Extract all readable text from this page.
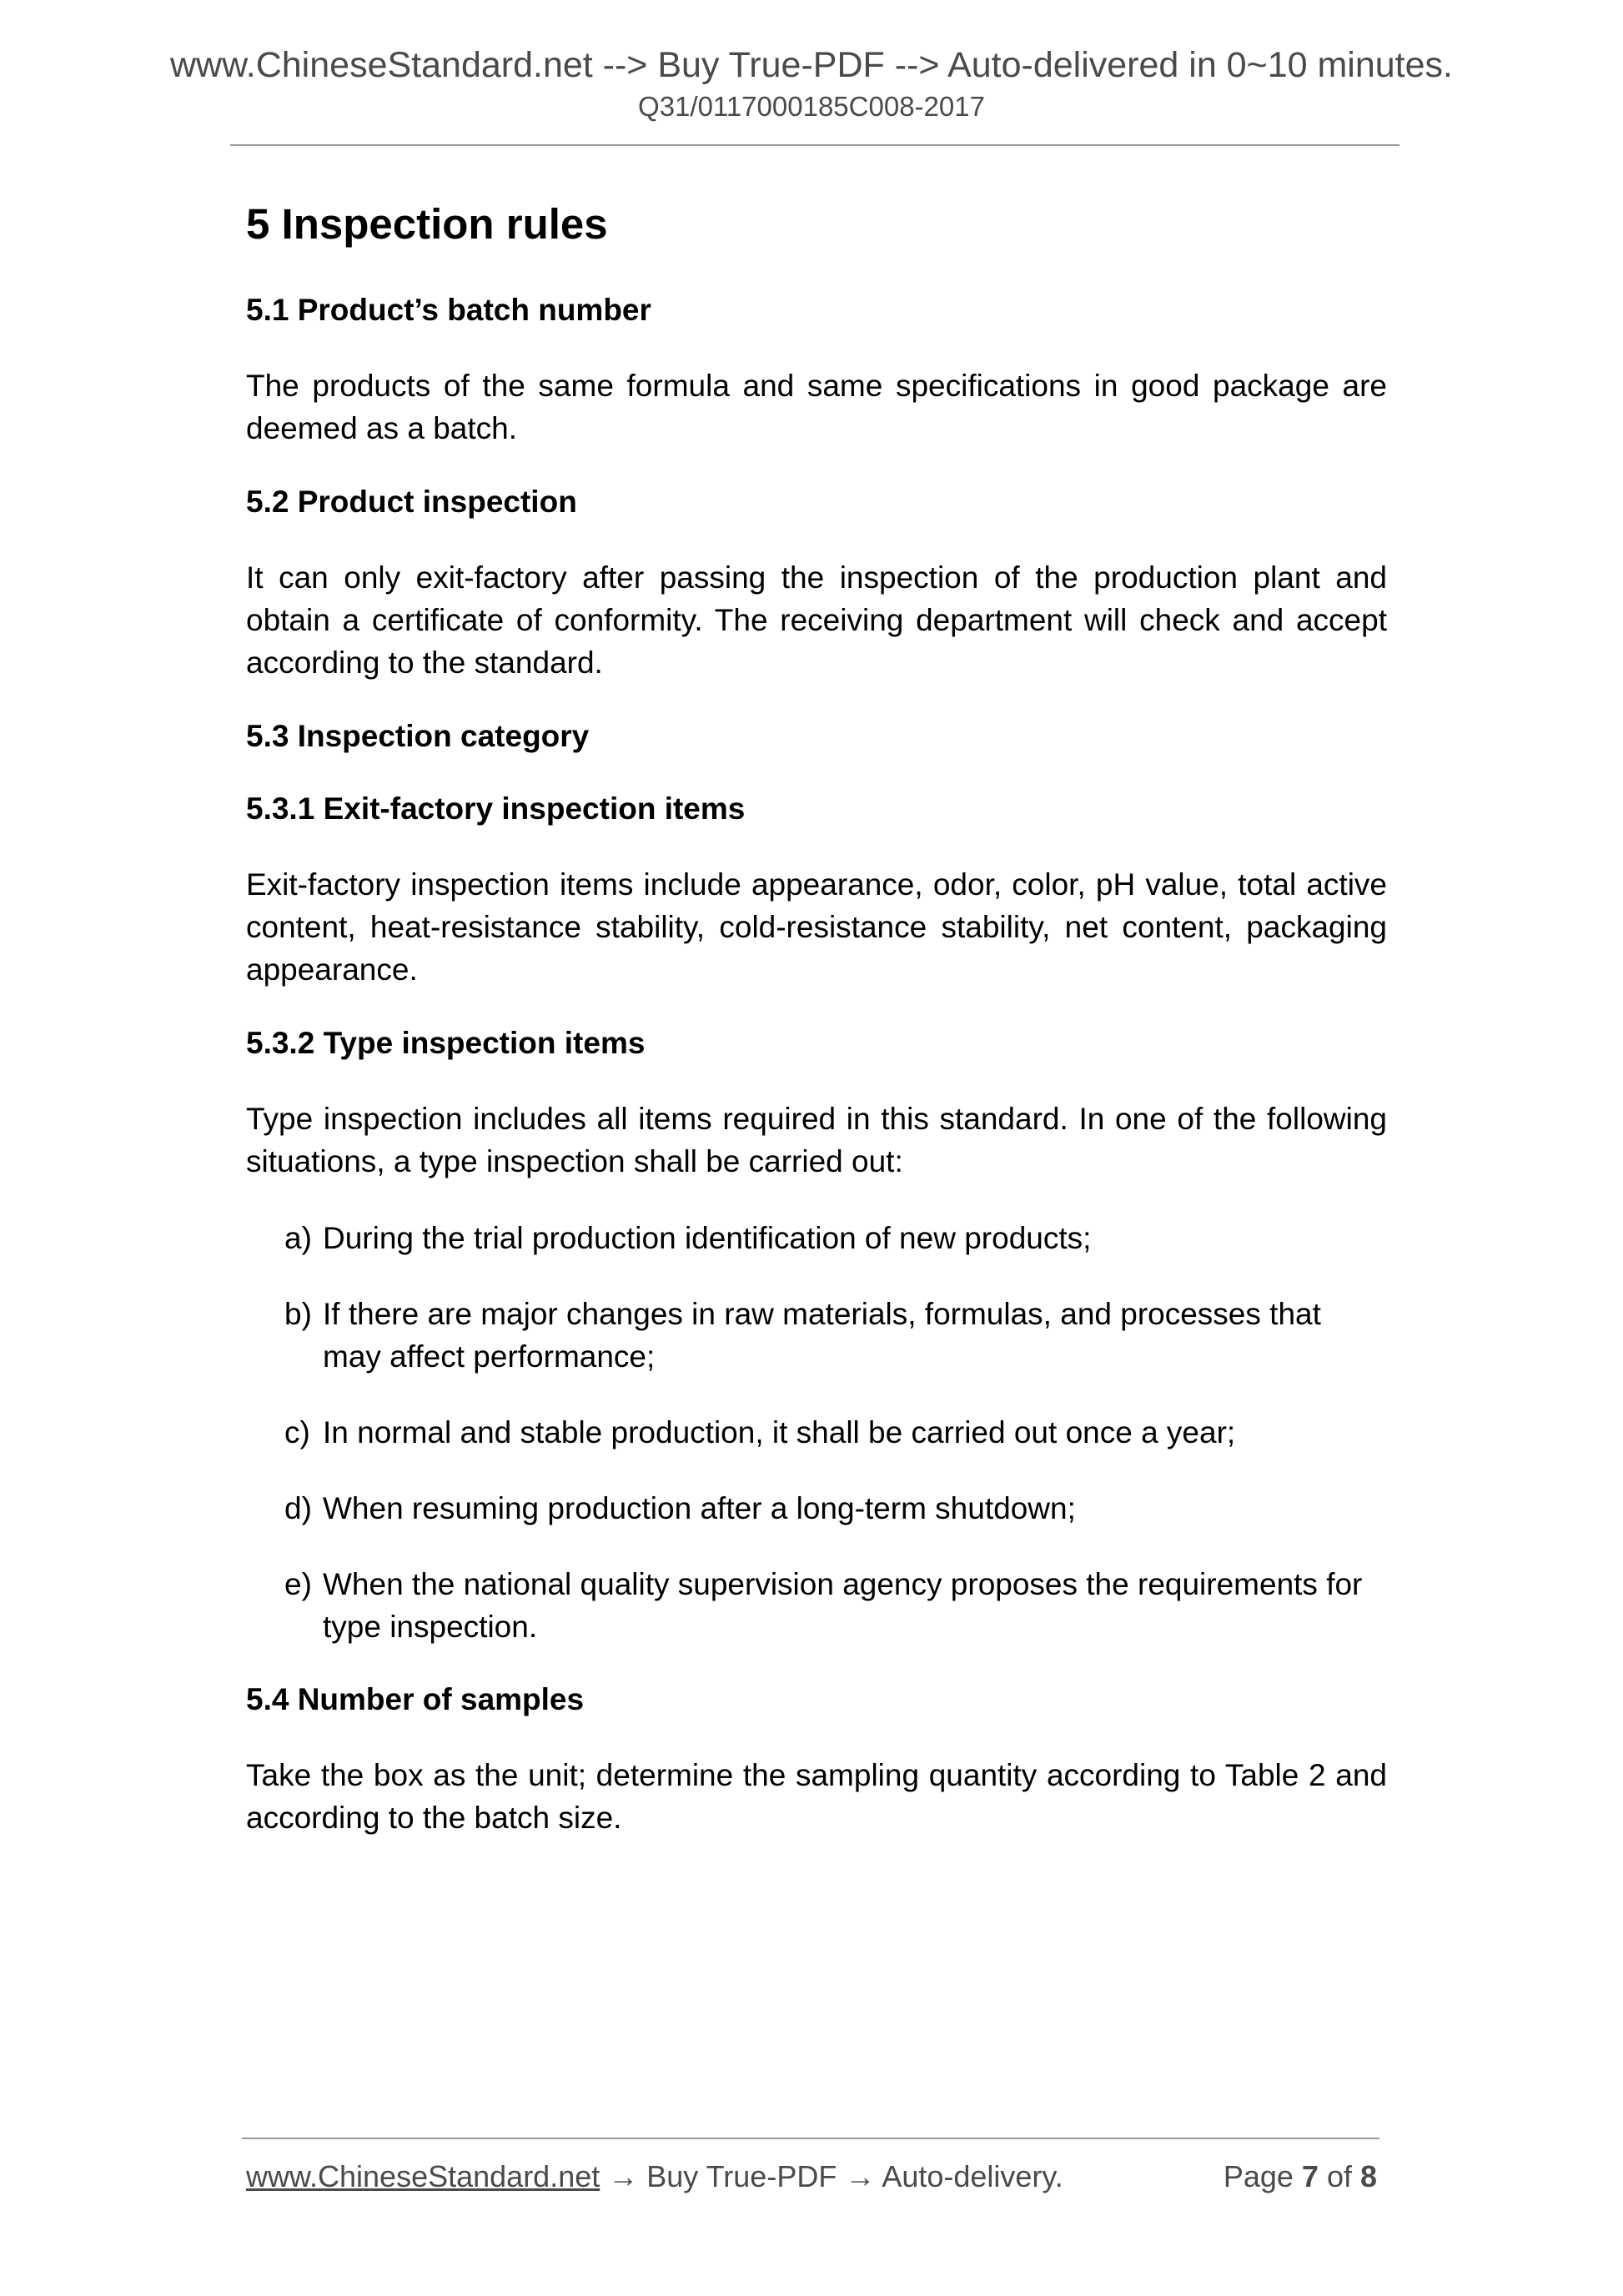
www.ChineseStandard.net --> Buy True-PDF --> Auto-delivered in 0~10 minutes.
Q31/0117000185C008-2017
5 Inspection rules
5.1 Product’s batch number

The products of the same formula and same specifications in good package are deemed as a batch.

5.2 Product inspection

It can only exit-factory after passing the inspection of the production plant and obtain a certificate of conformity. The receiving department will check and accept according to the standard.

5.3 Inspection category
5.3.1 Exit-factory inspection items

Exit-factory inspection items include appearance, odor, color, pH value, total active content, heat-resistance stability, cold-resistance stability, net content, packaging appearance.

5.3.2 Type inspection items

Type inspection includes all items required in this standard. In one of the following situations, a type inspection shall be carried out:

a) During the trial production identification of new products;
b) If there are major changes in raw materials, formulas, and processes that may affect performance;
c) In normal and stable production, it shall be carried out once a year;
d) When resuming production after a long-term shutdown;
e) When the national quality supervision agency proposes the requirements for type inspection.
5.4 Number of samples

Take the box as the unit; determine the sampling quantity according to Table 2 and according to the batch size.

www.ChineseStandard.net → Buy True-PDF → Auto-delivery.	Page 7 of 8
